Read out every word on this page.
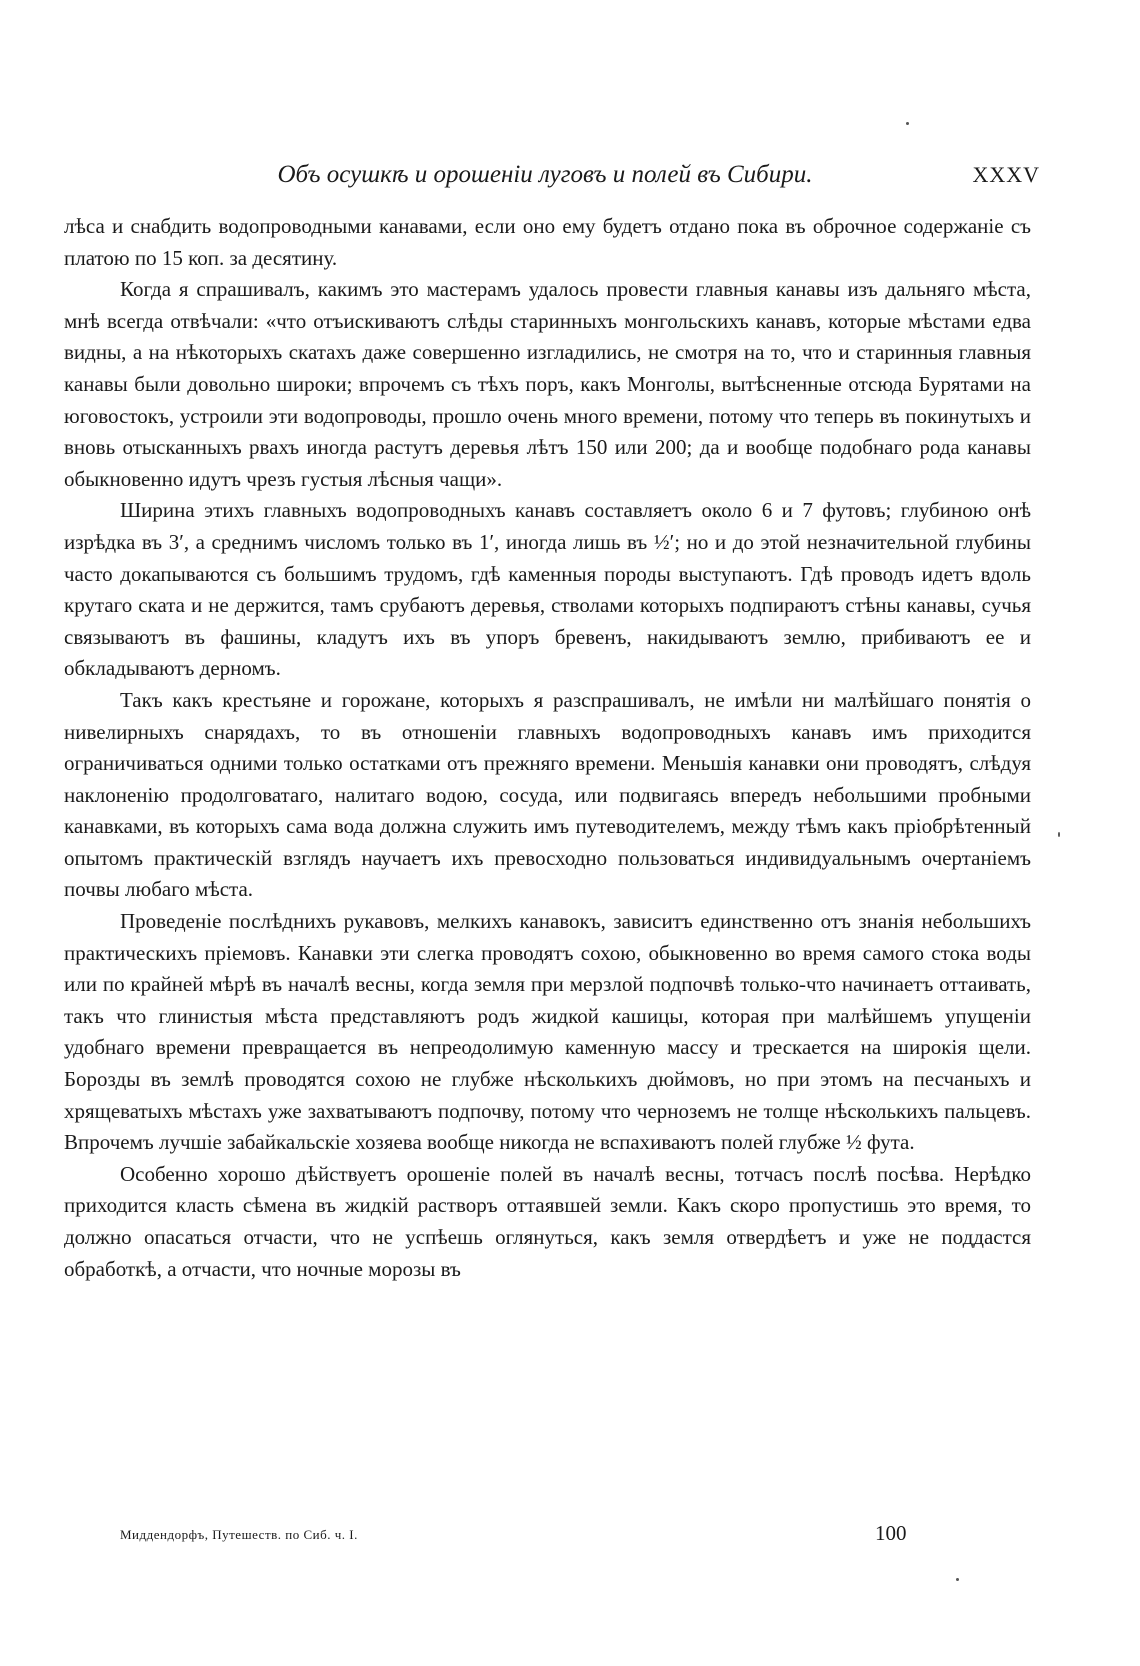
Объ осушкѣ и орошеніи луговъ и полей въ Сибири.	XXXV

лѣса и снабдить водопроводными канавами, если оно ему будетъ отдано пока въ оброчное содержаніе съ платою по 15 коп. за десятину.

Когда я спрашивалъ, какимъ это мастерамъ удалось провести главныя канавы изъ дальняго мѣста, мнѣ всегда отвѣчали: «что отъискиваютъ слѣды старинныхъ монгольскихъ канавъ, которые мѣстами едва видны, а на нѣкоторыхъ скатахъ даже совершенно изгладились, не смотря на то, что и старинныя главныя канавы были довольно широки; впрочемъ съ тѣхъ поръ, какъ Монголы, вытѣсненные отсюда Бурятами на юговостокъ, устроили эти водопроводы, прошло очень много времени, потому что теперь въ покинутыхъ и вновь отысканныхъ рвахъ иногда растутъ деревья лѣтъ 150 или 200; да и вообще подобнаго рода канавы обыкновенно идутъ чрезъ густыя лѣсныя чащи».

Ширина этихъ главныхъ водопроводныхъ канавъ составляетъ около 6 и 7 футовъ; глубиною онѣ изрѣдка въ 3′, а среднимъ числомъ только въ 1′, иногда лишь въ ½′; но и до этой незначительной глубины часто докапываются съ большимъ трудомъ, гдѣ каменныя породы выступаютъ. Гдѣ проводъ идетъ вдоль крутаго ската и не держится, тамъ срубаютъ деревья, стволами которыхъ подпираютъ стѣны канавы, сучья связываютъ въ фашины, кладутъ ихъ въ упоръ бревенъ, накидываютъ землю, прибиваютъ ее и обкладываютъ дерномъ.

Такъ какъ крестьяне и горожане, которыхъ я разспрашивалъ, не имѣли ни малѣйшаго понятія о нивелирныхъ снарядахъ, то въ отношеніи главныхъ водопроводныхъ канавъ имъ приходится ограничиваться одними только остатками отъ прежняго времени. Меньшія канавки они проводятъ, слѣдуя наклоненію продолговатаго, налитаго водою, сосуда, или подвигаясь впередъ небольшими пробными канавками, въ которыхъ сама вода должна служить имъ путеводителемъ, между тѣмъ какъ пріобрѣтенный опытомъ практическій взглядъ научаетъ ихъ превосходно пользоваться индивидуальнымъ очертаніемъ почвы любаго мѣста.

Проведеніе послѣднихъ рукавовъ, мелкихъ канавокъ, зависитъ единственно отъ знанія небольшихъ практическихъ пріемовъ. Канавки эти слегка проводятъ сохою, обыкновенно во время самого стока воды или по крайней мѣрѣ въ началѣ весны, когда земля при мерзлой подпочвѣ только-что начинаетъ оттаивать, такъ что глинистыя мѣста представляютъ родъ жидкой кашицы, которая при малѣйшемъ упущеніи удобнаго времени превращается въ непреодолимую каменную массу и трескается на широкія щели. Борозды въ землѣ проводятся сохою не глубже нѣсколькихъ дюймовъ, но при этомъ на песчаныхъ и хрящеватыхъ мѣстахъ уже захватываютъ подпочву, потому что черноземъ не толще нѣсколькихъ пальцевъ. Впрочемъ лучшіе забайкальскіе хозяева вообще никогда не вспахиваютъ полей глубже ½ фута.

Особенно хорошо дѣйствуетъ орошеніе полей въ началѣ весны, тотчасъ послѣ посѣва. Нерѣдко приходится класть сѣмена въ жидкій растворъ оттаявшей земли. Какъ скоро пропустишь это время, то должно опасаться отчасти, что не успѣешь оглянуться, какъ земля отвердѣетъ и уже не поддастся обработкѣ, а отчасти, что ночные морозы въ

Миддендорфъ, Путешеств. по Сиб. ч. I.	100
